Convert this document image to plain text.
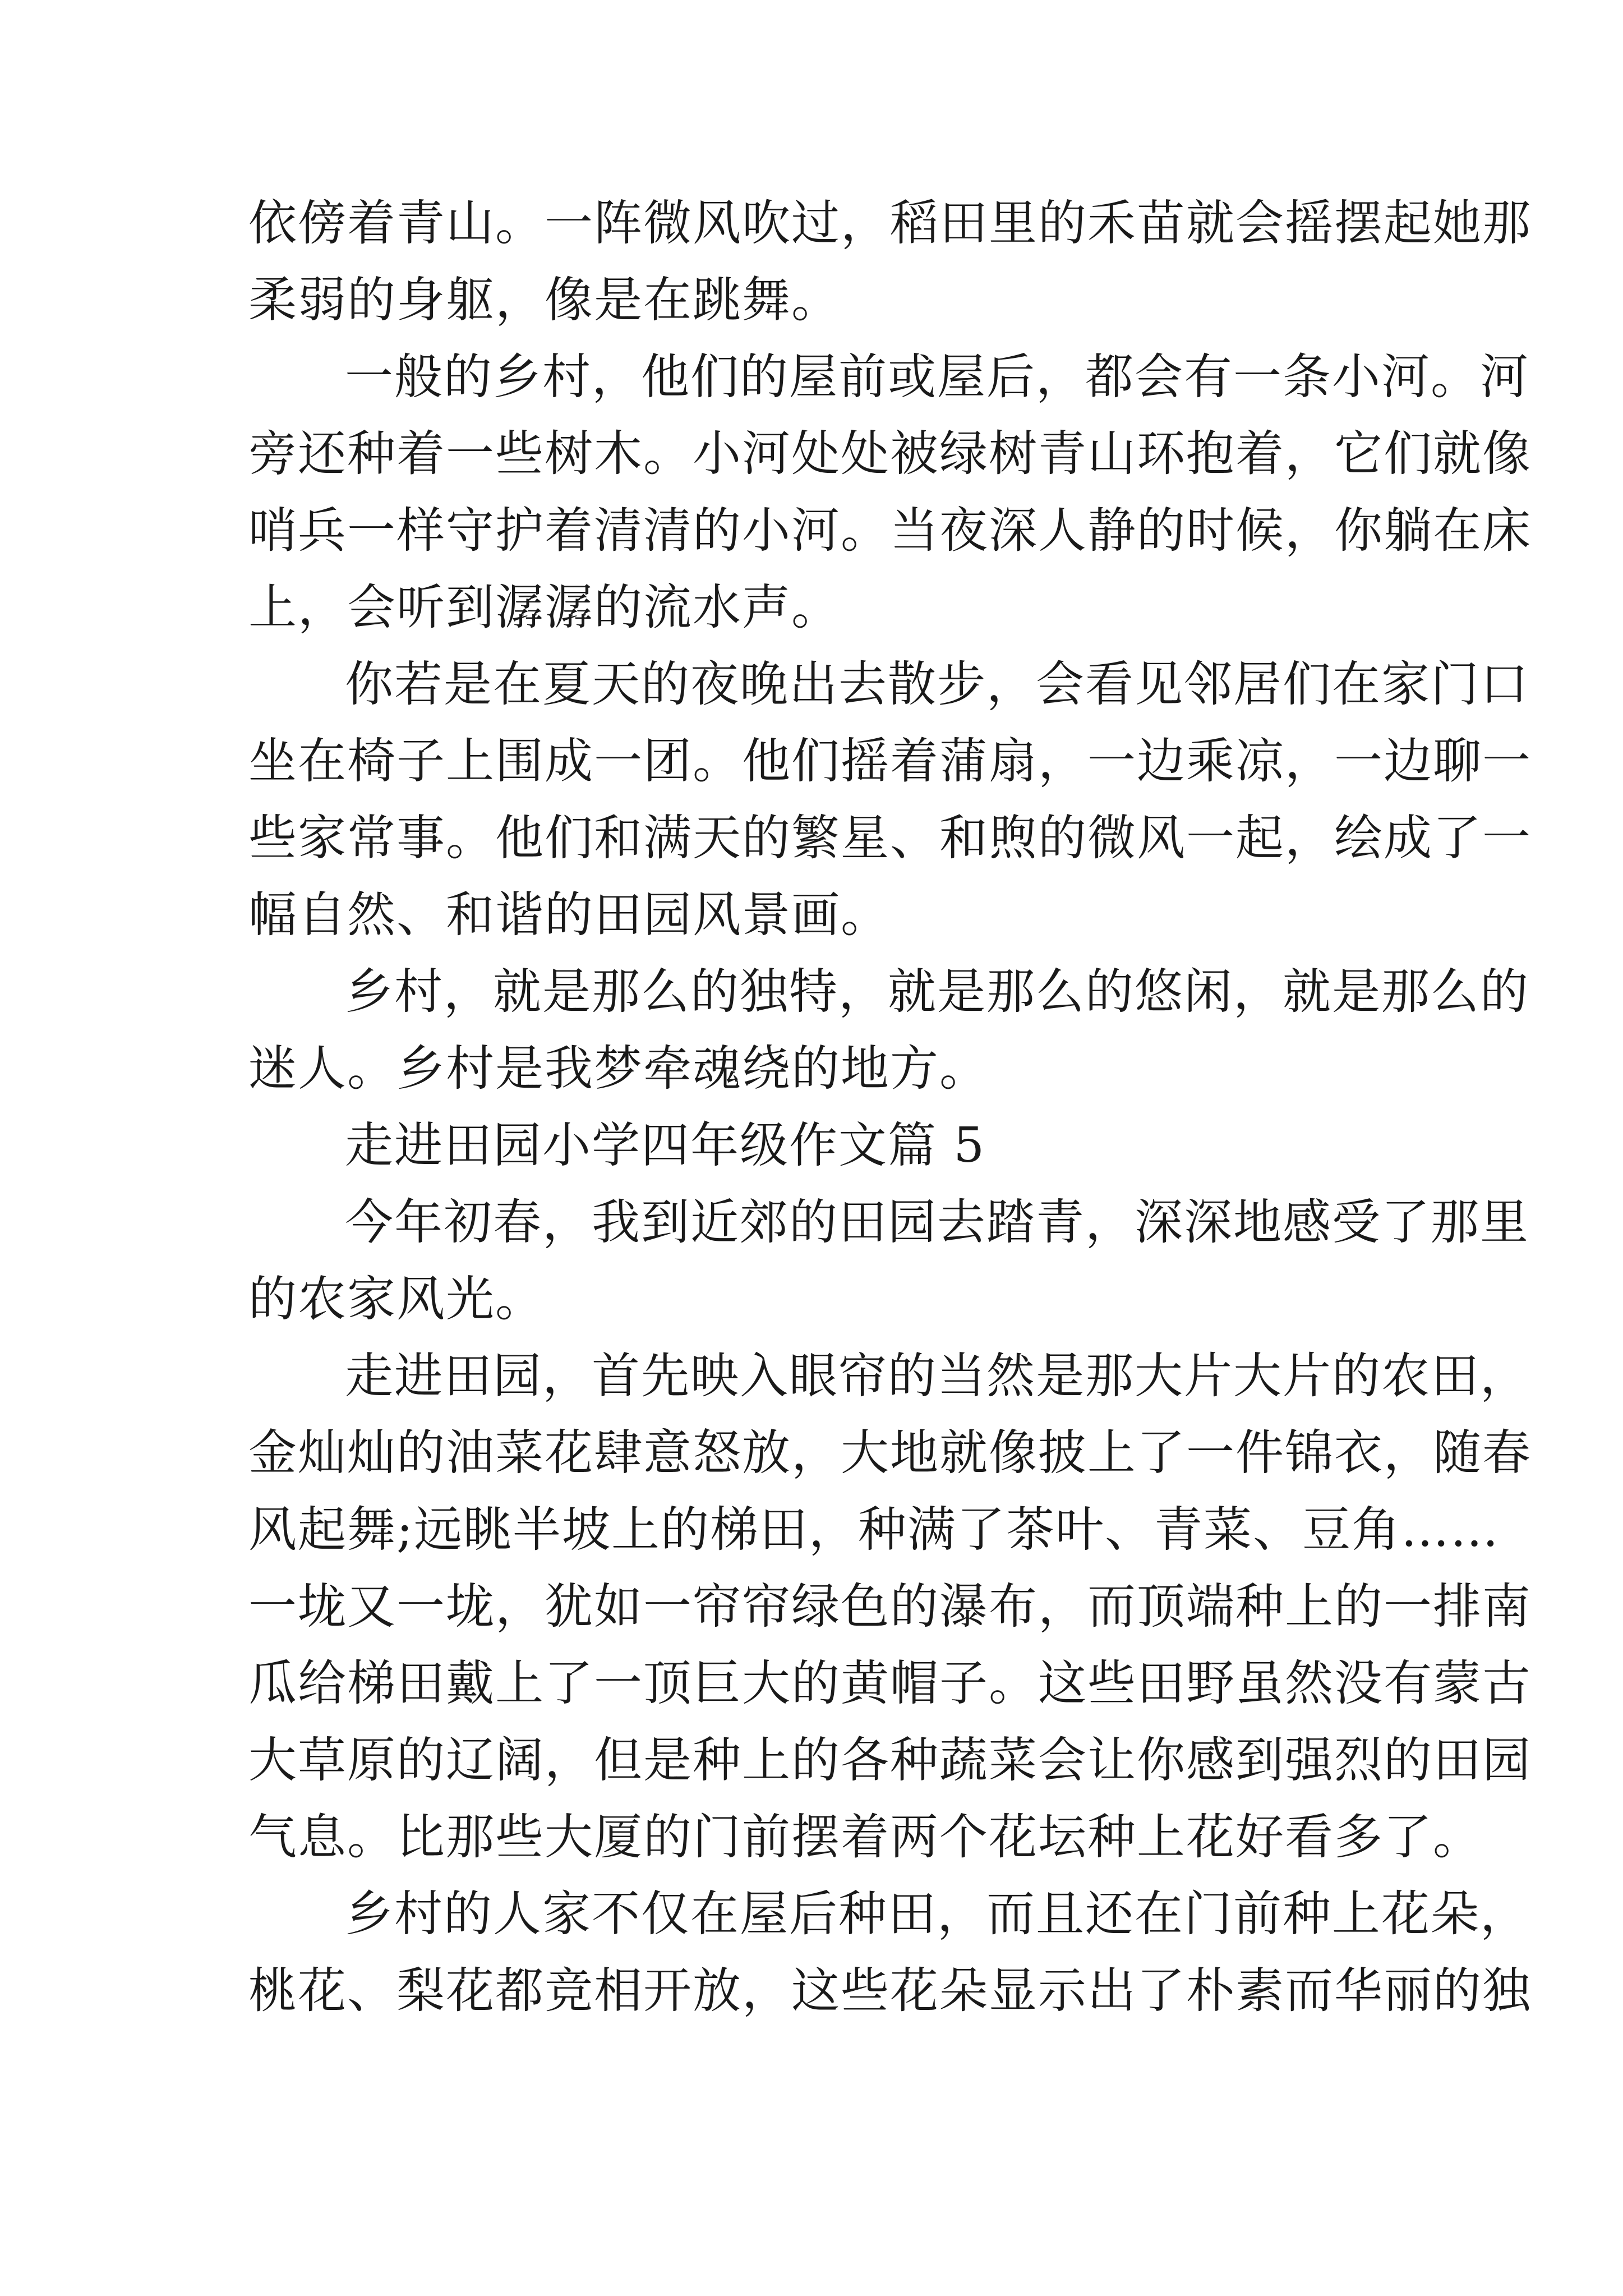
依傍着青山。一阵微风吹过，稻田里的禾苗就会摇摆起她那
柔弱的身躯，像是在跳舞。
一般的乡村，他们的屋前或屋后，都会有一条小河。河
旁还种着一些树木。小河处处被绿树青山环抱着，它们就像
哨兵一样守护着清清的小河。当夜深人静的时候，你躺在床
上，会听到潺潺的流水声。
你若是在夏天的夜晚出去散步，会看见邻居们在家门口
坐在椅子上围成一团。他们摇着蒲扇，一边乘凉，一边聊一
些家常事。他们和满天的繁星、和煦的微风一起，绘成了一
幅自然、和谐的田园风景画。
乡村，就是那么的独特，就是那么的悠闲，就是那么的
迷人。乡村是我梦牵魂绕的地方。
走进田园小学四年级作文篇 5
今年初春，我到近郊的田园去踏青，深深地感受了那里
的农家风光。
走进田园，首先映入眼帘的当然是那大片大片的农田，
金灿灿的油菜花肆意怒放，大地就像披上了一件锦衣，随春
风起舞;远眺半坡上的梯田，种满了茶叶、青菜、豆角……
一垅又一垅，犹如一帘帘绿色的瀑布，而顶端种上的一排南
瓜给梯田戴上了一顶巨大的黄帽子。这些田野虽然没有蒙古
大草原的辽阔，但是种上的各种蔬菜会让你感到强烈的田园
气息。比那些大厦的门前摆着两个花坛种上花好看多了。
乡村的人家不仅在屋后种田，而且还在门前种上花朵，
桃花、梨花都竞相开放，这些花朵显示出了朴素而华丽的独
